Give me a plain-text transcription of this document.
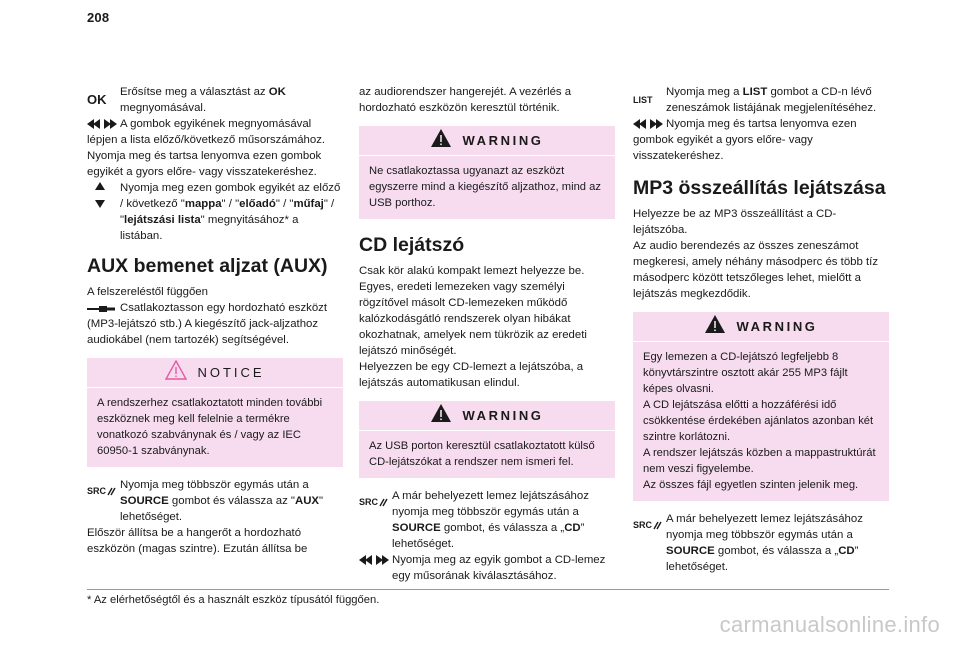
208

OK	Erősítse meg a választást az OK megnyomásával.

A gombok egyikének megnyomásával lépjen a lista előző/következő műsorszámához.

Nyomja meg és tartsa lenyomva ezen gombok egyikét a gyors előre- vagy visszatekeréshez.

Nyomja meg ezen gombok egyikét az előző / következő "mappa" / "előadó" / "műfaj" / "lejátszási lista" megnyitásához* a listában.

AUX bemenet aljzat (AUX)

A felszereléstől függően

Csatlakoztasson egy hordozható eszközt (MP3-lejátszó stb.) A kiegészítő jack-aljzathoz audiokábel (nem tartozék) segítségével.

NOTICE
A rendszerhez csatlakoztatott minden további eszköznek meg kell felelnie a termékre vonatkozó szabványnak és / vagy az IEC 60950-1 szabványnak.

SRC Nyomja meg többször egymás után a SOURCE gombot és válassza az "AUX" lehetőséget.

Először állítsa be a hangerőt a hordozható eszközön (magas szintre). Ezután állítsa be

az audiorendszer hangerejét. A vezérlés a hordozható eszközön keresztül történik.

WARNING
Ne csatlakoztassa ugyanazt az eszközt egyszerre mind a kiegészítő aljzathoz, mind az USB porthoz.
CD lejátszó

Csak kör alakú kompakt lemezt helyezze be. Egyes, eredeti lemezeken vagy személyi rögzítővel másolt CD-lemezeken működő kalózkodásgátló rendszerek olyan hibákat okozhatnak, amelyek nem tükrözik az eredeti lejátszó minőségét.

Helyezzen be egy CD-lemezt a lejátszóba, a lejátszás automatikusan elindul.

WARNING
Az USB porton keresztül csatlakoztatott külső CD-lejátszókat a rendszer nem ismeri fel.

SRC A már behelyezett lemez lejátszásához nyomja meg többször egymás után a SOURCE gombot, és válassza a „CD” lehetőséget.

Nyomja meg az egyik gombot a CD-lemez egy műsorának kiválasztásához.

LIST
Nyomja meg a LIST gombot a CD-n lévő zeneszámok listájának megjelenítéséhez.

Nyomja meg és tartsa lenyomva ezen gombok egyikét a gyors előre- vagy visszatekeréshez.

MP3 összeállítás lejátszása

Helyezze be az MP3 összeállítást a CD-lejátszóba.

Az audio berendezés az összes zeneszámot megkeresi, amely néhány másodperc és több tíz másodperc között tetszőleges lehet, mielőtt a lejátszás megkezdődik.

WARNING

Egy lemezen a CD-lejátszó legfeljebb 8 könyvtárszintre osztott akár 255 MP3 fájlt képes olvasni.

A CD lejátszása előtti a hozzáférési idő csökkentése érdekében ajánlatos azonban két szintre korlátozni.

A rendszer lejátszás közben a mappastruktúrát nem veszi figyelembe.

Az összes fájl egyetlen szinten jelenik meg.

SRC A már behelyezett lemez lejátszásához nyomja meg többször egymás után a SOURCE gombot, és válassza a „CD” lehetőséget.

* Az elérhetőségtől és a használt eszköz típusától függően.
carmanualsonline.info
